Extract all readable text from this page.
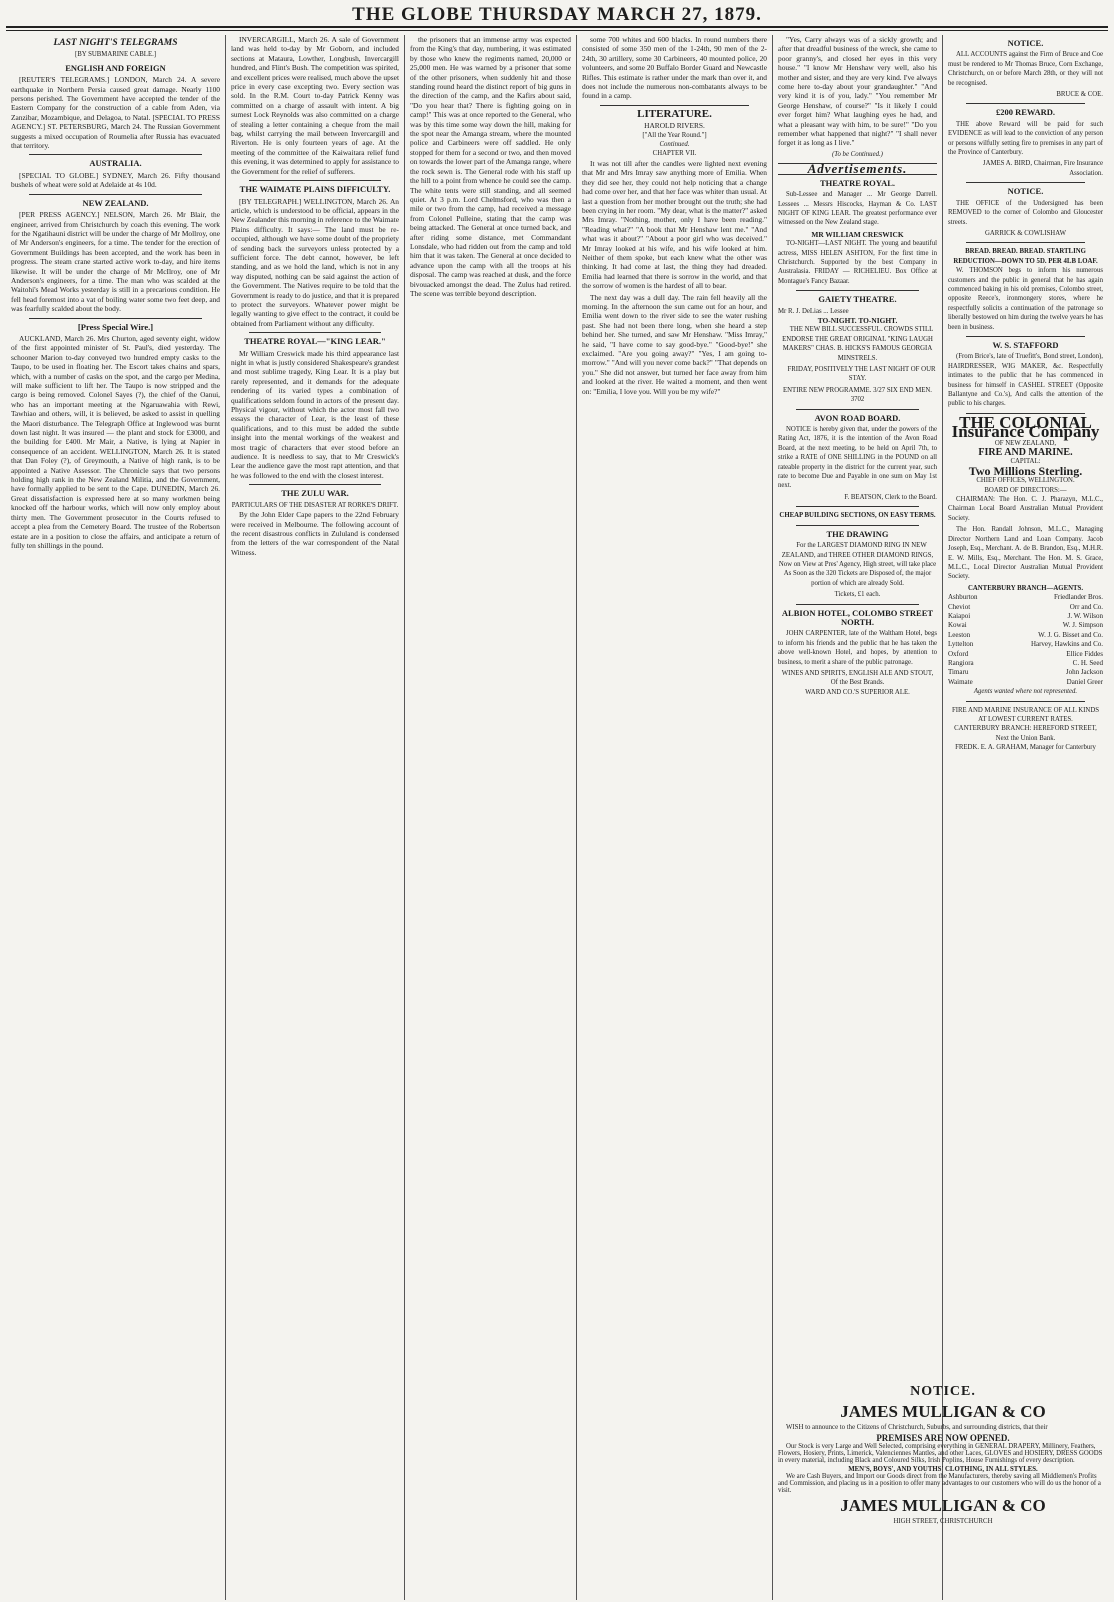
THE GLOBE THURSDAY MARCH 27, 1879.
LAST NIGHT'S TELEGRAMS
[BY SUBMARINE CABLE.]
ENGLISH AND FOREIGN

[REUTER'S TELEGRAMS.] LONDON, March 24. A severe earthquake in Northern Persia caused great damage. Nearly 1100 persons perished. The Government have accepted the tender of the Eastern Company for the construction of a cable from Aden, via Zanzibar, Mozambique, and Delagoa, to Natal. [SPECIAL TO PRESS AGENCY.] ST. PETERSBURG, March 24. The Russian Government suggests a mixed occupation of Roumelia after Russia has evacuated that territory.

AUSTRALIA.

[SPECIAL TO GLOBE.] SYDNEY, March 26. Fifty thousand bushels of wheat were sold at Adelaide at 4s 10d.

NEW ZEALAND.

[PER PRESS AGENCY.] NELSON, March 26. Mr Blair, the engineer, arrived from Christchurch by coach this evening. The work for the Ngatihauni district will be under the charge of Mr Mollroy, one of Mr Anderson's engineers, for a time. The tender for the erection of Government Buildings has been accepted, and the work has been in progress. The steam crane started active work to-day, and hire items likewise. It will be under the charge of Mr McIlroy, one of Mr Anderson's engineers, for a time. The man who was scalded at the Waitohi's Mead Works yesterday is still in a precarious condition. He fell head foremost into a vat of boiling water some two feet deep, and was fearfully scalded about the body.

[Press Special Wire.]

AUCKLAND, March 26. Mrs Churton, aged seventy eight, widow of the first appointed minister of St. Paul's, died yesterday. The schooner Marion to-day conveyed two hundred empty casks to the Taupo, to be used in floating her. The Escort takes chains and spars, which, with a number of casks on the spot, and the cargo per Medina, will make sufficient to lift her. The Taupo is now stripped and the cargo is being removed. Colonel Sayes (?), the chief of the Oanui, who has an important meeting at the Ngaruawahia with Rewi, Tawhiao and others, will, it is believed, be asked to assist in quelling the Maori disturbance. The Telegraph Office at Inglewood was burnt down last night. It was insured — the plant and stock for £3000, and the building for £400. Mr Mair, a Native, is lying at Napier in consequence of an accident. WELLINGTON, March 26. It is stated that Dan Foley (?), of Greymouth, a Native of high rank, is to be appointed a Native Assessor. The Chronicle says that two persons holding high rank in the New Zealand Militia, and the Government, have formally applied to be sent to the Cape. DUNEDIN, March 26. Great dissatisfaction is expressed here at so many workmen being knocked off the harbour works, which will now only employ about thirty men. The Government prosecutor in the Courts refused to accept a plea from the Cemetery Board. The trustee of the Robertson estate are in a position to close the affairs, and anticipate a return of fully ten shillings in the pound.

INVERCARGILL, March 26. A sale of Government land was held to-day by Mr Goborn, and included sections at Mataura, Lowther, Longbush, Invercargill hundred, and Flint's Bush. The competition was spirited, and excellent prices were realised, much above the upset price in every case excepting two. Every section was sold. In the R.M. Court to-day Patrick Kenny was committed on a charge of assault with intent. A big sumest Lock Reynolds was also committed on a charge of stealing a letter containing a cheque from the mail bag, whilst carrying the mail between Invercargill and Riverton. He is only fourteen years of age. At the meeting of the committee of the Kaiwaitara relief fund this evening, it was determined to apply for assistance to the Government for the relief of sufferers.

THE WAIMATE PLAINS DIFFICULTY.

[BY TELEGRAPH.] WELLINGTON, March 26. An article, which is understood to be official, appears in the New Zealander this morning in reference to the Waimate Plains difficulty. It says:— The land must be re-occupied, although we have some doubt of the propriety of sending back the surveyors unless protected by a sufficient force. The debt cannot, however, be left standing, and as we hold the land, which is not in any way disputed, nothing can be said against the action of the Government. The Natives require to be told that the Government is ready to do justice, and that it is prepared to protect the surveyors. Whatever power might be legally wanting to give effect to the contract, it could be obtained from Parliament without any difficulty.

THEATRE ROYAL—"KING LEAR."

Mr William Creswick made his third appearance last night in what is justly considered Shakespeare's grandest and most sublime tragedy, King Lear. It is a play but rarely represented, and it demands for the adequate rendering of its varied types a combination of qualifications seldom found in actors of the present day. Physical vigour, without which the actor most fall two essays the character of Lear, is the least of these qualifications, and to this must be added the subtle insight into the mental workings of the weakest and most tragic of characters that ever stood before an audience. It is needless to say, that to Mr Creswick's Lear the audience gave the most rapt attention, and that he was followed to the end with the closest interest.

THE ZULU WAR.
PARTICULARS OF THE DISASTER AT RORKE'S DRIFT.

By the John Elder Cape papers to the 22nd February were received in Melbourne. The following account of the recent disastrous conflicts in Zululand is condensed from the letters of the war correspondent of the Natal Witness.

the prisoners that an immense army was expected from the King's that day, numbering, it was estimated by those who knew the regiments named, 20,000 or 25,000 men. He was warned by a prisoner that some of the other prisoners, when suddenly hit and those standing round heard the distinct report of big guns in the direction of the camp, and the Kafirs about said, "Do you hear that? There is fighting going on in camp!" This was at once reported to the General, who was by this time some way down the hill, making for the spot near the Amanga stream, where the mounted police and Carbineers were off saddled. He only stopped for them for a second or two, and then moved on towards the lower part of the Amanga range, where the rock sewn is. The General rode with his staff up the hill to a point from whence he could see the camp. The white tents were still standing, and all seemed quiet. At 3 p.m. Lord Chelmsford, who was then a mile or two from the camp, had received a message from Colonel Pulleine, stating that the camp was being attacked. The General at once turned back, and after riding some distance, met Commandant Lonsdale, who had ridden out from the camp and told him that it was taken. The General at once decided to advance upon the camp with all the troops at his disposal. The camp was reached at dusk, and the force bivouacked amongst the dead. The Zulus had retired. The scene was terrible beyond description.

some 700 whites and 600 blacks. In round numbers there consisted of some 350 men of the 1-24th, 90 men of the 2-24th, 30 artillery, some 30 Carbineers, 40 mounted police, 20 volunteers, and some 20 Buffalo Border Guard and Newcastle Rifles. This estimate is rather under the mark than over it, and does not include the numerous non-combatants always to be found in a camp.

LITERATURE.
HAROLD RIVERS.
["All the Year Round."]
Continued.
CHAPTER VII.

It was not till after the candles were lighted next evening that Mr and Mrs Imray saw anything more of Emilia. When they did see her, they could not help noticing that a change had come over her, and that her face was whiter than usual. At last a question from her mother brought out the truth; she had been crying in her room. "My dear, what is the matter?" asked Mrs Imray. "Nothing, mother, only I have been reading." "Reading what?" "A book that Mr Henshaw lent me." "And what was it about?" "About a poor girl who was deceived." Mr Imray looked at his wife, and his wife looked at him. Neither of them spoke, but each knew what the other was thinking. It had come at last, the thing they had dreaded. Emilia had learned that there is sorrow in the world, and that the sorrow of women is the hardest of all to bear.

The next day was a dull day. The rain fell heavily all the morning. In the afternoon the sun came out for an hour, and Emilia went down to the river side to see the water rushing past. She had not been there long, when she heard a step behind her. She turned, and saw Mr Henshaw. "Miss Imray," he said, "I have come to say good-bye." "Good-bye!" she exclaimed. "Are you going away?" "Yes, I am going to-morrow." "And will you never come back?" "That depends on you." She did not answer, but turned her face away from him and looked at the river. He waited a moment, and then went on: "Emilia, I love you. Will you be my wife?"

"Yes, Carry always was of a sickly growth; and after that dreadful business of the wreck, she came to poor granny's, and closed her eyes in this very house." "I know Mr Henshaw very well, also his mother and sister, and they are very kind. I've always come here to-day about your grandaughter." "And very kind it is of you, lady." "You remember Mr George Henshaw, of course?" "Is it likely I could ever forget him? What laughing eyes he had, and what a pleasant way with him, to be sure!" "Do you remember what happened that night?" "I shall never forget it as long as I live."

(To be Continued.)
Advertisements.
THEATRE ROYAL.

Sub-Lessee and Manager ... Mr George Darrell. Lessees ... Messrs Hiscocks, Hayman & Co. LAST NIGHT OF KING LEAR. The greatest performance ever witnessed on the New Zealand stage.

MR WILLIAM CRESWICK

TO-NIGHT—LAST NIGHT. The young and beautiful actress, MISS HELEN ASHTON, For the first time in Christchurch. Supported by the best Company in Australasia. FRIDAY — RICHELIEU. Box Office at Montague's Fancy Bazaar.

GAIETY THEATRE.
Mr R. J. DeLias ... Lessee
TO-NIGHT. TO-NIGHT.

THE NEW BILL SUCCESSFUL. CROWDS STILL ENDORSE THE GREAT ORIGINAL "KING LAUGH MAKERS" CHAS. B. HICKS'S FAMOUS GEORGIA MINSTRELS.

FRIDAY, POSITIVELY THE LAST NIGHT OF OUR STAY.

ENTIRE NEW PROGRAMME. 3/27 SIX END MEN. 3702
AVON ROAD BOARD.

NOTICE is hereby given that, under the powers of the Rating Act, 1876, it is the intention of the Avon Road Board, at the next meeting, to be held on April 7th, to strike a RATE of ONE SHILLING in the POUND on all rateable property in the district for the current year, such rate to become Due and Payable in one sum on May 1st next.

F. BEATSON, Clerk to the Board.
CHEAP BUILDING SECTIONS, ON EASY TERMS.
THE DRAWING

For the LARGEST DIAMOND RING IN NEW ZEALAND, and THREE OTHER DIAMOND RINGS, Now on View at Pres' Agency, High street, will take place As Soon as the 320 Tickets are Disposed of, the major portion of which are already Sold.

Tickets, £1 each.
ALBION HOTEL, COLOMBO STREET NORTH.

JOHN CARPENTER, late of the Waltham Hotel, begs to inform his friends and the public that he has taken the above well-known Hotel, and hopes, by attention to business, to merit a share of the public patronage.

WINES AND SPIRITS, ENGLISH ALE AND STOUT, Of the Best Brands.
WARD AND CO.'S SUPERIOR ALE.
NOTICE.

ALL ACCOUNTS against the Firm of Bruce and Coe must be rendered to Mr Thomas Bruce, Corn Exchange, Christchurch, on or before March 28th, or they will not be recognised.

BRUCE & COE.
£200 REWARD.

THE above Reward will be paid for such EVIDENCE as will lead to the conviction of any person or persons wilfully setting fire to premises in any part of the Province of Canterbury.

JAMES A. BIRD, Chairman, Fire Insurance Association.
NOTICE.

THE OFFICE of the Undersigned has been REMOVED to the corner of Colombo and Gloucester streets.

GARRICK & COWLISHAW
BREAD. BREAD. BREAD. STARTLING REDUCTION—DOWN TO 5D. PER 4LB LOAF.

W. THOMSON begs to inform his numerous customers and the public in general that he has again commenced baking in his old premises, Colombo street, opposite Reece's, ironmongery stores, where he respectfully solicits a continuation of the patronage so liberally bestowed on him during the twelve years he has been in business.

W. S. STAFFORD

(From Brice's, late of Truefitt's, Bond street, London), HAIRDRESSER, WIG MAKER, &c. Respectfully intimates to the public that he has commenced in business for himself in CASHEL STREET (Opposite Ballantyne and Co.'s), And calls the attention of the public to his charges.

THE COLONIAL Insurance Company
OF NEW ZEALAND,
FIRE AND MARINE.
CAPITAL:
Two Millions Sterling.
CHIEF OFFICES, WELLINGTON.
BOARD OF DIRECTORS:—

CHAIRMAN: The Hon. C. J. Pharazyn, M.L.C., Chairman Local Board Australian Mutual Provident Society.

The Hon. Randall Johnson, M.L.C., Managing Director Northern Land and Loan Company. Jacob Joseph, Esq., Merchant. A. de B. Brandon, Esq., M.H.R. E. W. Mills, Esq., Merchant. The Hon. M. S. Grace, M.L.C., Local Director Australian Mutual Provident Society.

CANTERBURY BRANCH—AGENTS.
Ashburton	Friedlander Bros.
Cheviot	Orr and Co.
Kaiapoi	J. W. Wilson
Kowai	W. J. Simpson
Leeston	W. J. G. Bisset and Co.
Lyttelton	Harvey, Hawkins and Co.
Oxford	Ellice Fiddes
Rangiora	C. H. Seed
Timaru	John Jackson
Waimate	Daniel Greer
Agents wanted where not represented.
FIRE AND MARINE INSURANCE OF ALL KINDS AT LOWEST CURRENT RATES.
CANTERBURY BRANCH: HEREFORD STREET, Next the Union Bank.
FREDK. E. A. GRAHAM, Manager for Canterbury
NOTICE.
JAMES MULLIGAN & CO

WISH to announce to the Citizens of Christchurch, Suburbs, and surrounding districts, that their

PREMISES ARE NOW OPENED.

Our Stock is very Large and Well Selected, comprising everything in GENERAL DRAPERY, Millinery, Feathers, Flowers, Hosiery, Prints, Limerick, Valenciennes Mantles, and other Laces, GLOVES and HOSIERY, DRESS GOODS in every material, including Black and Coloured Silks, Irish Poplins, House Furnishings of every description.

MEN'S, BOYS', AND YOUTHS' CLOTHING, IN ALL STYLES.

We are Cash Buyers, and Import our Goods direct from the Manufacturers, thereby saving all Middlemen's Profits and Commission, and placing us in a position to offer many advantages to our customers who will do us the honor of a visit.

JAMES MULLIGAN & CO
HIGH STREET, CHRISTCHURCH
